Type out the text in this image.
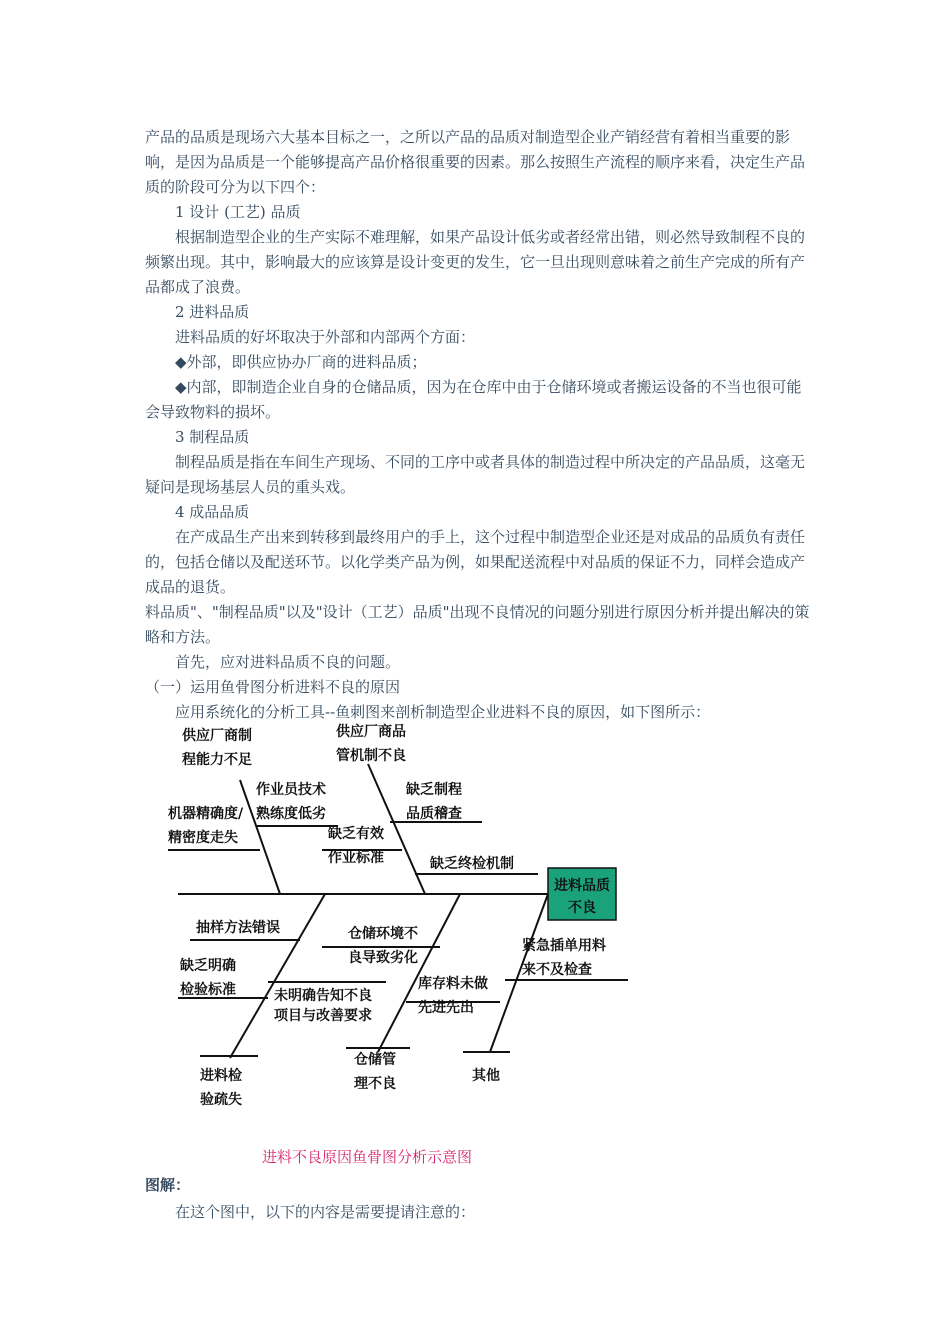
产品的品质是现场六大基本目标之一，之所以产品的品质对制造型企业产销经营有着相当重要的影响，是因为品质是一个能够提高产品价格很重要的因素。那么按照生产流程的顺序来看，决定生产品质的阶段可分为以下四个：

1 设计 (工艺) 品质

根据制造型企业的生产实际不难理解，如果产品设计低劣或者经常出错，则必然导致制程不良的频繁出现。其中，影响最大的应该算是设计变更的发生，它一旦出现则意味着之前生产完成的所有产品都成了浪费。

2 进料品质

进料品质的好坏取决于外部和内部两个方面：

◆外部，即供应协办厂商的进料品质；

◆内部，即制造企业自身的仓储品质，因为在仓库中由于仓储环境或者搬运设备的不当也很可能会导致物料的损坏。

3 制程品质

制程品质是指在车间生产现场、不同的工序中或者具体的制造过程中所决定的产品品质，这毫无疑问是现场基层人员的重头戏。

4 成品品质

在产成品生产出来到转移到最终用户的手上，这个过程中制造型企业还是对成品的品质负有责任的，包括仓储以及配送环节。以化学类产品为例，如果配送流程中对品质的保证不力，同样会造成产成品的退货。

料品质"、"制程品质"以及"设计（工艺）品质"出现不良情况的问题分别进行原因分析并提出解决的策略和方法。

首先，应对进料品质不良的问题。

（一）运用鱼骨图分析进料不良的原因

应用系统化的分析工具--鱼刺图来剖析制造型企业进料不良的原因，如下图所示：

进料品质
不良
供应厂商制
程能力不足
供应厂商品
管机制不良
作业员技术
熟练度低劣
机器精确度/
精密度走失
缺乏制程
品质稽查
缺乏有效
作业标准	缺乏终检机制
抽样方法错误
缺乏明确
检验标准	未明确告知不良
项目与改善要求
仓储环境不
良导致劣化
库存料未做
先进先出
紧急插单用料
来不及检查
进料检
验疏失
仓储管
理不良	其他
进料不良原因鱼骨图分析示意图

图解：

在这个图中，以下的内容是需要提请注意的：
